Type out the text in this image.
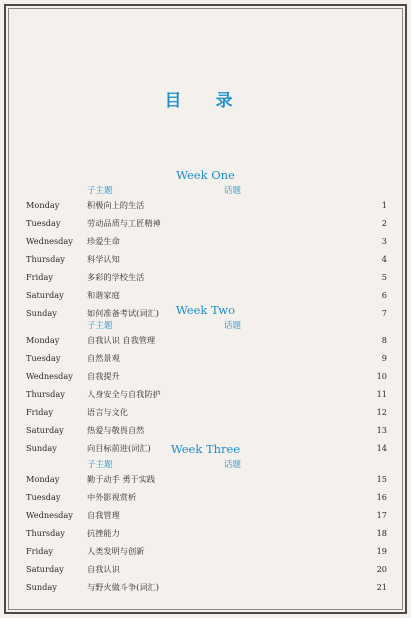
目 录
Week One
子主题	话题
Monday	积极向上的生活	1
Tuesday	劳动品质与工匠精神	2
Wednesday 珍爱生命	3
Thursday	科学认知	4
Friday	多彩的学校生活	5
Saturday	和谐家庭	6
Sunday	如何准备考试(词汇)	7
Week Two
子主题	话题
Monday	自我认识 自我管理	8
Tuesday	自然景观	9
Wednesday 自我提升	10
Thursday	人身安全与自我防护	11
Friday	语言与文化	12
Saturday	热爱与敬畏自然	13
Sunday	向目标前进(词汇)	14
Week Three
子主题	话题
Monday	勤于动手 勇于实践	15
Tuesday	中外影视赏析	16
Wednesday 自我管理	17
Thursday	抗挫能力	18
Friday	人类发明与创新	19
Saturday	自我认识	20
Sunday	与野火做斗争(词汇)	21
